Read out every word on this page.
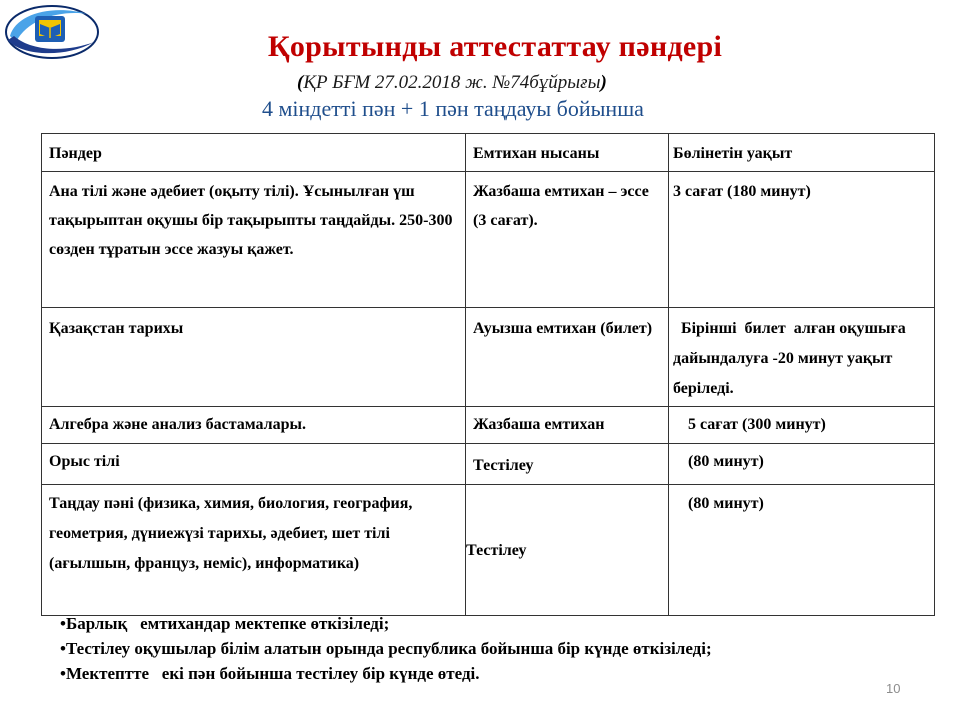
Қорытынды аттестаттау пәндері
(ҚР БҒМ 27.02.2018 ж. №74бұйрығы)
4 міндетті пән + 1 пән таңдауы бойынша
Пәндер	Емтихан нысаны	Бөлінетін уақыт
Ана тілі және әдебиет (оқыту тілі). Ұсынылған үш тақырыптан оқушы бір тақырыпты таңдайды. 250-300 сөзден тұратын эссе жазуы қажет.	Жазбаша емтихан – эссе (3 сағат).	3 сағат (180 минут)
Қазақстан тарихы	Ауызша емтихан (билет)	Бірінші  билет  алған оқушыға дайындалуға -20 минут уақыт беріледі.
Алгебра және анализ бастамалары.	Жазбаша емтихан	5 сағат (300 минут)
Орыс тілі	Тестілеу	(80 минут)
Таңдау пәні (физика, химия, биология, география, геометрия, дүниежүзі тарихы, әдебиет, шет тілі (ағылшын, француз, неміс), информатика)	Тестілеу	(80 минут)
•Барлық   емтихандар мектепке өткізіледі;
•Тестілеу оқушылар білім алатын орында республика бойынша бір күнде өткізіледі;
•Мектептте   екі пән бойынша тестілеу бір күнде өтеді.
10
